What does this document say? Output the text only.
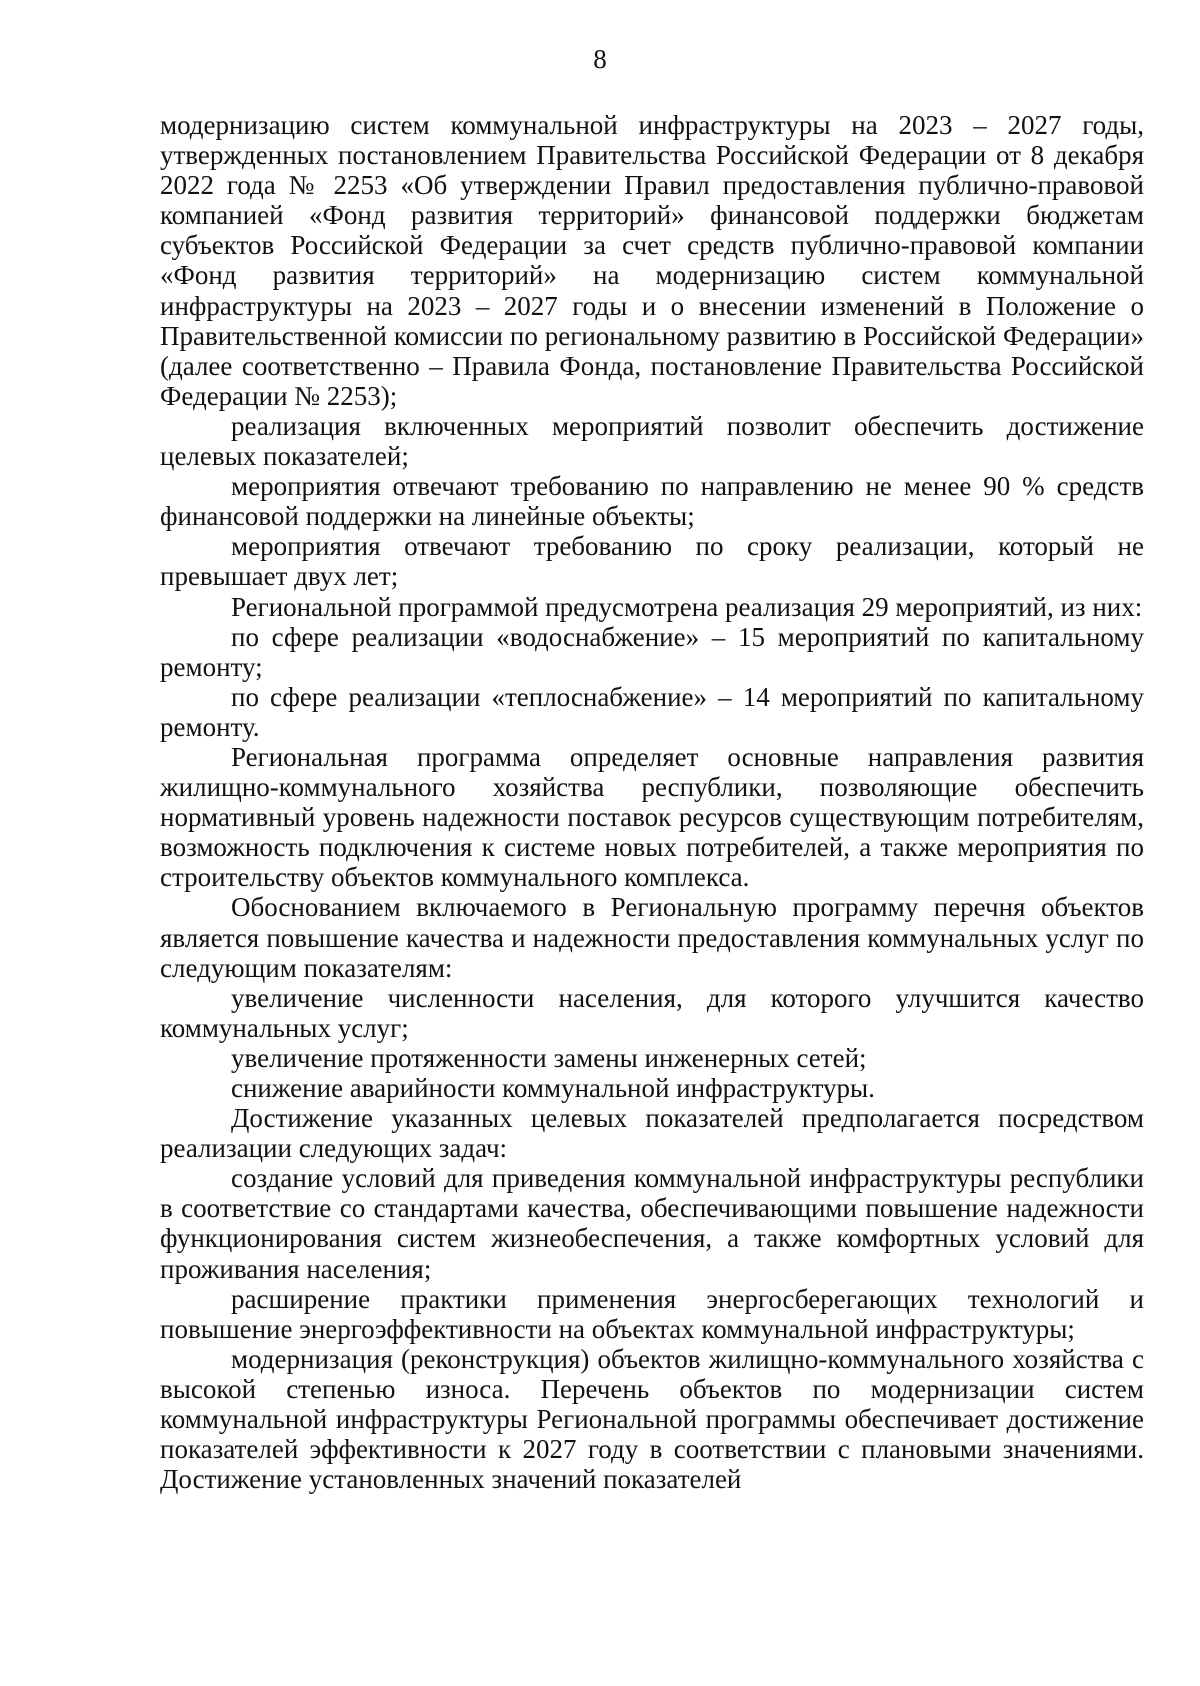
8

модернизацию систем коммунальной инфраструктуры на 2023 – 2027 годы, утвержденных постановлением Правительства Российской Федерации от 8 декабря 2022 года № 2253 «Об утверждении Правил предоставления публично-правовой компанией «Фонд развития территорий» финансовой поддержки бюджетам субъектов Российской Федерации за счет средств публично-правовой компании «Фонд развития территорий» на модернизацию систем коммунальной инфраструктуры на 2023 – 2027 годы и о внесении изменений в Положение о Правительственной комиссии по региональному развитию в Российской Федерации» (далее соответственно – Правила Фонда, постановление Правительства Российской Федерации № 2253);

реализация включенных мероприятий позволит обеспечить достижение целевых показателей;

мероприятия отвечают требованию по направлению не менее 90 % средств финансовой поддержки на линейные объекты;

мероприятия отвечают требованию по сроку реализации, который не превышает двух лет;

Региональной программой предусмотрена реализация 29 мероприятий, из них:

по сфере реализации «водоснабжение» – 15 мероприятий по капитальному ремонту;

по сфере реализации «теплоснабжение» – 14 мероприятий по капитальному ремонту.

Региональная программа определяет основные направления развития жилищно-коммунального хозяйства республики, позволяющие обеспечить нормативный уровень надежности поставок ресурсов существующим потребителям, возможность подключения к системе новых потребителей, а также мероприятия по строительству объектов коммунального комплекса.

Обоснованием включаемого в Региональную программу перечня объектов является повышение качества и надежности предоставления коммунальных услуг по следующим показателям:

увеличение численности населения, для которого улучшится качество коммунальных услуг;

увеличение протяженности замены инженерных сетей;

снижение аварийности коммунальной инфраструктуры.

Достижение указанных целевых показателей предполагается посредством реализации следующих задач:

создание условий для приведения коммунальной инфраструктуры республики в соответствие со стандартами качества, обеспечивающими повышение надежности функционирования систем жизнеобеспечения, а также комфортных условий для проживания населения;

расширение практики применения энергосберегающих технологий и повышение энергоэффективности на объектах коммунальной инфраструктуры;

модернизация (реконструкция) объектов жилищно-коммунального хозяйства с высокой степенью износа. Перечень объектов по модернизации систем коммунальной инфраструктуры Региональной программы обеспечивает достижение показателей эффективности к 2027 году в соответствии с плановыми значениями. Достижение установленных значений показателей
